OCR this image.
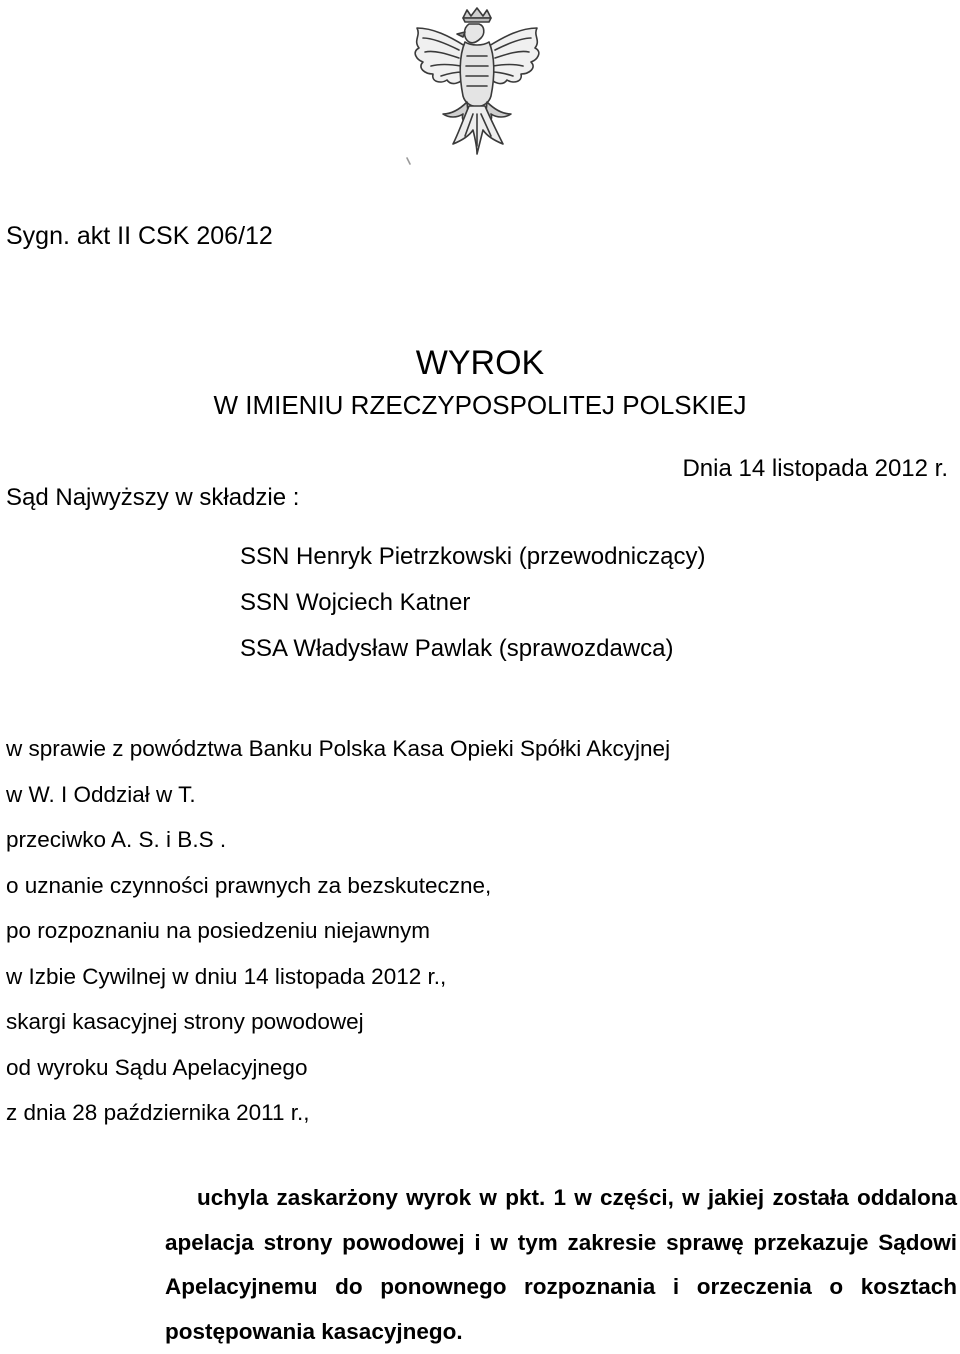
Sygn. akt II CSK 206/12
WYROK
W IMIENIU RZECZYPOSPOLITEJ POLSKIEJ
Dnia 14 listopada 2012 r.
Sąd Najwyższy w składzie :
SSN Henryk Pietrzkowski (przewodniczący)
SSN Wojciech Katner
SSA Władysław Pawlak (sprawozdawca)
w sprawie z powództwa Banku Polska Kasa Opieki Spółki Akcyjnej
w W. I Oddział w T.
przeciwko A. S. i B.S .
o uznanie czynności prawnych za bezskuteczne,
po rozpoznaniu na posiedzeniu niejawnym
w Izbie Cywilnej w dniu 14 listopada 2012 r.,
skargi kasacyjnej strony powodowej
od wyroku Sądu Apelacyjnego
z dnia 28 października 2011 r.,

uchyla zaskarżony wyrok w pkt. 1 w części, w jakiej została oddalona apelacja strony powodowej i w tym zakresie sprawę przekazuje Sądowi Apelacyjnemu do ponownego rozpoznania i orzeczenia o kosztach postępowania kasacyjnego.
